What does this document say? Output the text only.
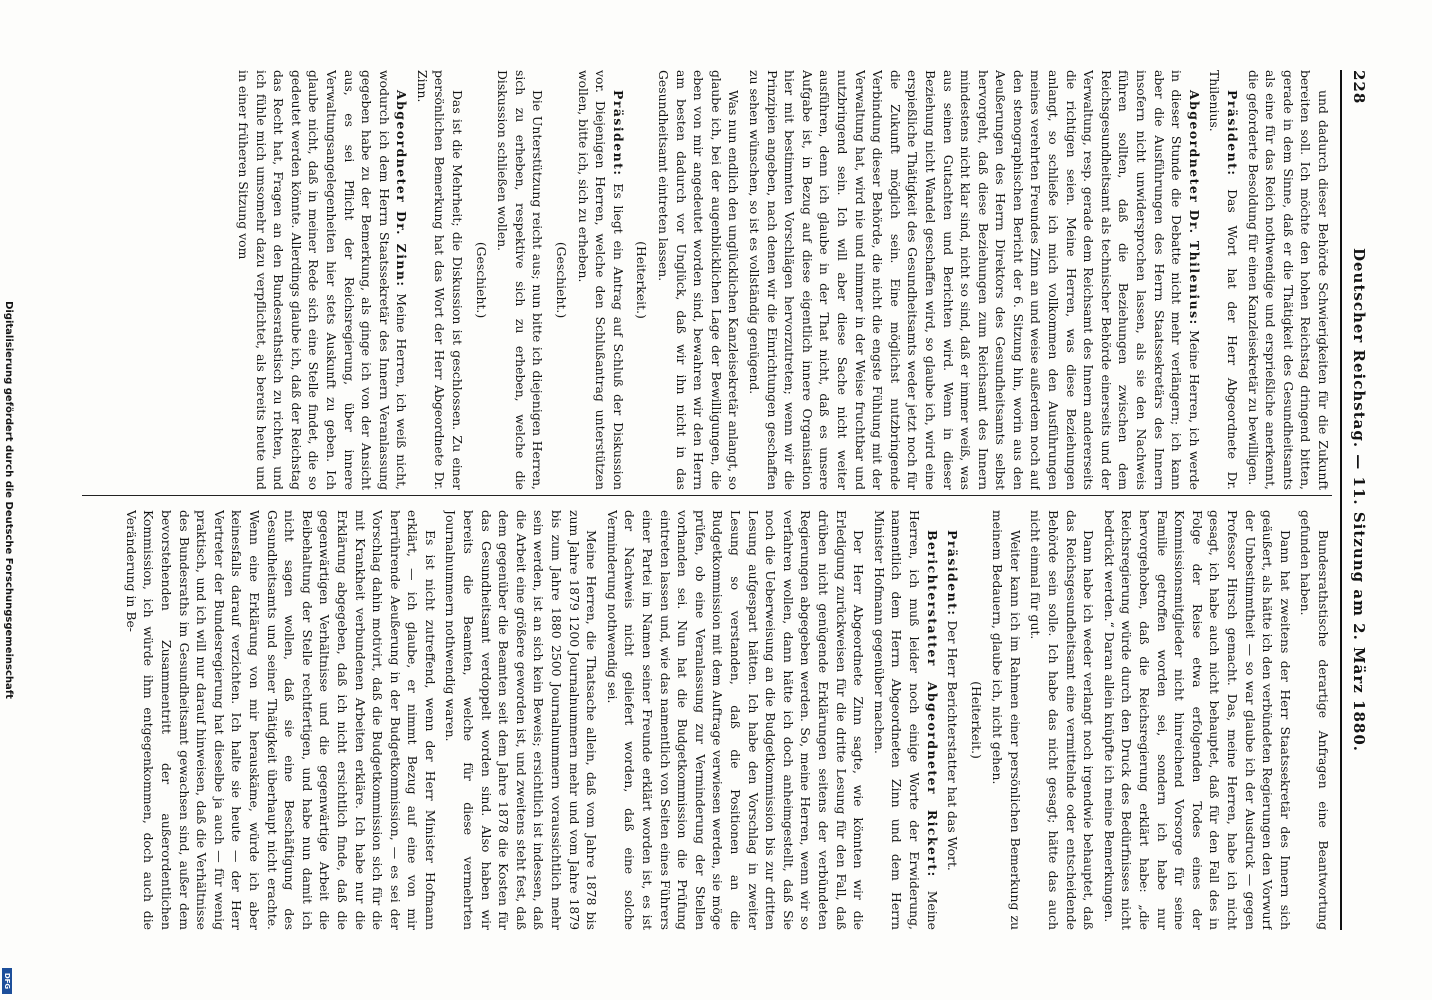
228
Deutscher Reichstag. — 11. Sitzung am 2. März 1880.

und dadurch dieser Behörde Schwierigkeiten für die Zukunft bereiten soll. Ich möchte den hohen Reichstag dringend bitten, gerade in dem Sinne, daß er die Thätigkeit des Gesundheitsamts als eine für das Reich nothwendige und ersprießliche anerkennt, die geforderte Besoldung für einen Kanzleisekretär zu bewilligen.

Präsident: Das Wort hat der Herr Abgeordnete Dr. Thilenius.

Abgeordneter Dr. Thilenius: Meine Herren, ich werde in dieser Stunde die Debatte nicht mehr verlängern; ich kann aber die Ausführungen des Herrn Staatssekretärs des Innern insofern nicht unwidersprochen lassen, als sie den Nachweis führen sollten, daß die Beziehungen zwischen dem Reichsgesundheitsamt als technischer Behörde einerseits und der Verwaltung, resp. gerade dem Reichsamt des Innern andererseits die richtigen seien. Meine Herren, was diese Beziehungen anlangt, so schließe ich mich vollkommen den Ausführungen meines verehrten Freundes Zinn an und weise außerdem noch auf den stenographischen Bericht der 6. Sitzung hin, worin aus den Aeußerungen des Herrn Direktors des Gesundheitsamts selbst hervorgeht, daß diese Beziehungen zum Reichsamt des Innern mindestens nicht klar sind, nicht so sind, daß er immer weiß, was aus seinen Gutachten und Berichten wird. Wenn in dieser Beziehung nicht Wandel geschaffen wird, so glaube ich, wird eine erspießliche Thätigkeit des Gesundheitsamts weder jetzt noch für die Zukunft möglich sein. Eine möglichst nutzbringende Verbindung dieser Behörde, die nicht die engste Fühlung mit der Verwaltung hat, wird nie und nimmer in der Weise fruchtbar und nutzbringend sein. Ich will aber diese Sache nicht weiter ausführen, denn ich glaube in der That nicht, daß es unsere Aufgabe ist, in Bezug auf diese eigentlich innere Organisation hier mit bestimmten Vorschlägen hervorzutreten; wenn wir die Prinzipien angeben, nach denen wir die Einrichtungen geschaffen zu sehen wünschen, so ist es vollständig genügend.

Was nun endlich den unglücklichen Kanzleisekretär anlangt, so glaube ich, bei der augenblicklichen Lage der Bewilligungen, die eben von mir angedeutet worden sind, bewahren wir den Herrn am besten dadurch vor Unglück, daß wir ihn nicht in das Gesundheitsamt eintreten lassen.

(Heiterkeit.)

Präsident: Es liegt ein Antrag auf Schluß der Diskussion vor. Diejenigen Herren, welche den Schlußantrag unterstützen wollen, bitte ich, sich zu erheben.

(Geschieht.)

Die Unterstützung reicht aus; nun bitte ich diejenigen Herren, sich zu erheben, respektive sich zu erheben, welche die Diskussion schließen wollen.

(Geschieht.)

Das ist die Mehrheit; die Diskussion ist geschlossen. Zu einer persönlichen Bemerkung hat das Wort der Herr Abgeordnete Dr. Zinn.

Abgeordneter Dr. Zinn: Meine Herren, ich weiß nicht, wodurch ich dem Herrn Staatssekretär des Innern Veranlassung gegeben habe zu der Bemerkung, als ginge ich von der Ansicht aus, es sei Pflicht der Reichsregierung, über innere Verwaltungsangelegenheiten hier stets Auskunft zu geben. Ich glaube nicht, daß in meiner Rede sich eine Stelle findet, die so gedeutet werden könnte. Allerdings glaube ich, daß der Reichstag das Recht hat, Fragen an den Bundesrathstisch zu richten, und ich fühle mich umsomehr dazu verpflichtet, als bereits heute und in einer früheren Sitzung vom

Bundesrathstische derartige Anfragen eine Beantwortung gefunden haben.

Dann hat zweitens der Herr Staatssekretär des Innern sich geäußert, als hätte ich den verbündeten Regierungen den Vorwurf der Unbestimmtheit — so war glaube ich der Ausdruck — gegen Professor Hirsch gemacht. Das, meine Herren, habe ich nicht gesagt, ich habe auch nicht behauptet, daß für den Fall des in Folge der Reise etwa erfolgenden Todes eines der Kommissionsmitglieder nicht hinreichend Vorsorge für seine Familie getroffen worden sei, sondern ich habe nur hervorgehoben, daß die Reichsregierung erklärt habe: „die Reichsregierung würde durch den Druck des Bedürfnisses nicht bedrückt werden.“ Daran allein knüpfte ich meine Bemerkungen.

Dann habe ich weder verlangt noch irgendwie behauptet, daß das Reichsgesundheitsamt eine vermittelnde oder entscheidende Behörde sein solle. Ich habe das nicht gesagt; hätte das auch nicht einmal für gut.

Weiter kann ich im Rahmen einer persönlichen Bemerkung zu meinem Bedauern, glaube ich, nicht gehen.

(Heiterkeit.)

Präsident: Der Herr Berichterstatter hat das Wort.

Berichterstatter Abgeordneter Rickert: Meine Herren, ich muß leider noch einige Worte der Erwiderung, namentlich dem Herrn Abgeordneten Zinn und dem Herrn Minister Hofmann gegenüber machen.

Der Herr Abgeordnete Zinn sagte, wie könnten wir die Erledigung zurückweisen für die dritte Lesung für den Fall, daß drüben nicht genügende Erklärungen seitens der verbündeten Regierungen abgegeben werden. So, meine Herren, wenn wir so verfahren wollen, dann hätte ich doch anheimgestellt, daß Sie noch die Ueberweisung an die Budgetkommission bis zur dritten Lesung aufgespart hätten. Ich habe den Vorschlag in zweiter Lesung so verstanden, daß die Positionen an die Budgetkommission mit dem Auftrage verwiesen werden, sie möge prüfen, ob eine Veranlassung zur Verminderung der Stellen vorhanden sei. Nun hat die Budgetkommission die Prüfung eintreten lassen und, wie das namentlich von Seiten eines Führers einer Partei im Namen seiner Freunde erklärt worden ist, es ist der Nachweis nicht geliefert worden, daß eine solche Verminderung nothwendig sei.

Meine Herren, die Thatsache allein, daß vom Jahre 1878 bis zum Jahre 1879 1200 Journalnummern mehr und vom Jahre 1879 bis zum Jahre 1880 2500 Journalnummern voraussichtlich mehr sein werden, ist an sich kein Beweis; ersichtlich ist indessen, daß die Arbeit eine größere geworden ist, und zweitens steht fest, daß dem gegenüber die Beamten seit dem Jahre 1878 die Kosten für das Gesundheitsamt verdoppelt worden sind. Also haben wir bereits die Beamten, welche für diese vermehrten Journalnummern nothwendig waren.

Es ist nicht zutreffend, wenn der Herr Minister Hofmann erklärt, — ich glaube, er nimmt Bezug auf eine von mir herrührende Aeußerung in der Budgetkommission, — es sei der Vorschlag dahin motivirt, daß die Budgetkommission sich für die mit Krankheit verbundenen Arbeiten erkläre. Ich habe nur die Erklärung abgegeben, daß ich nicht ersichtlich finde, daß die gegenwärtigen Verhältnisse und die gegenwärtige Arbeit die Beibehaltung der Stelle rechtfertigen, und habe nun damit ich nicht sagen wollen, daß sie eine Beschäftigung des Gesundheitsamts und seiner Thätigkeit überhaupt nicht erachte. Wenn eine Erklärung von mir herauskäme, würde ich aber keinesfalls darauf verzichten. Ich halte sie heute — der Herr Vertreter der Bundesregierung hat dieselbe ja auch — für wenig praktisch, und ich will nur darauf hinweisen, daß die Verhältnisse des Bundesraths im Gesundheitsamt gewachsen sind, außer dem bevorstehenden Zusammentritt der außerordentlichen Kommission, ich würde ihm entgegenkommen, doch auch die Veränderung in Be-

Digitalisierung gefördert durch die Deutsche Forschungsgemeinschaft
DFG
